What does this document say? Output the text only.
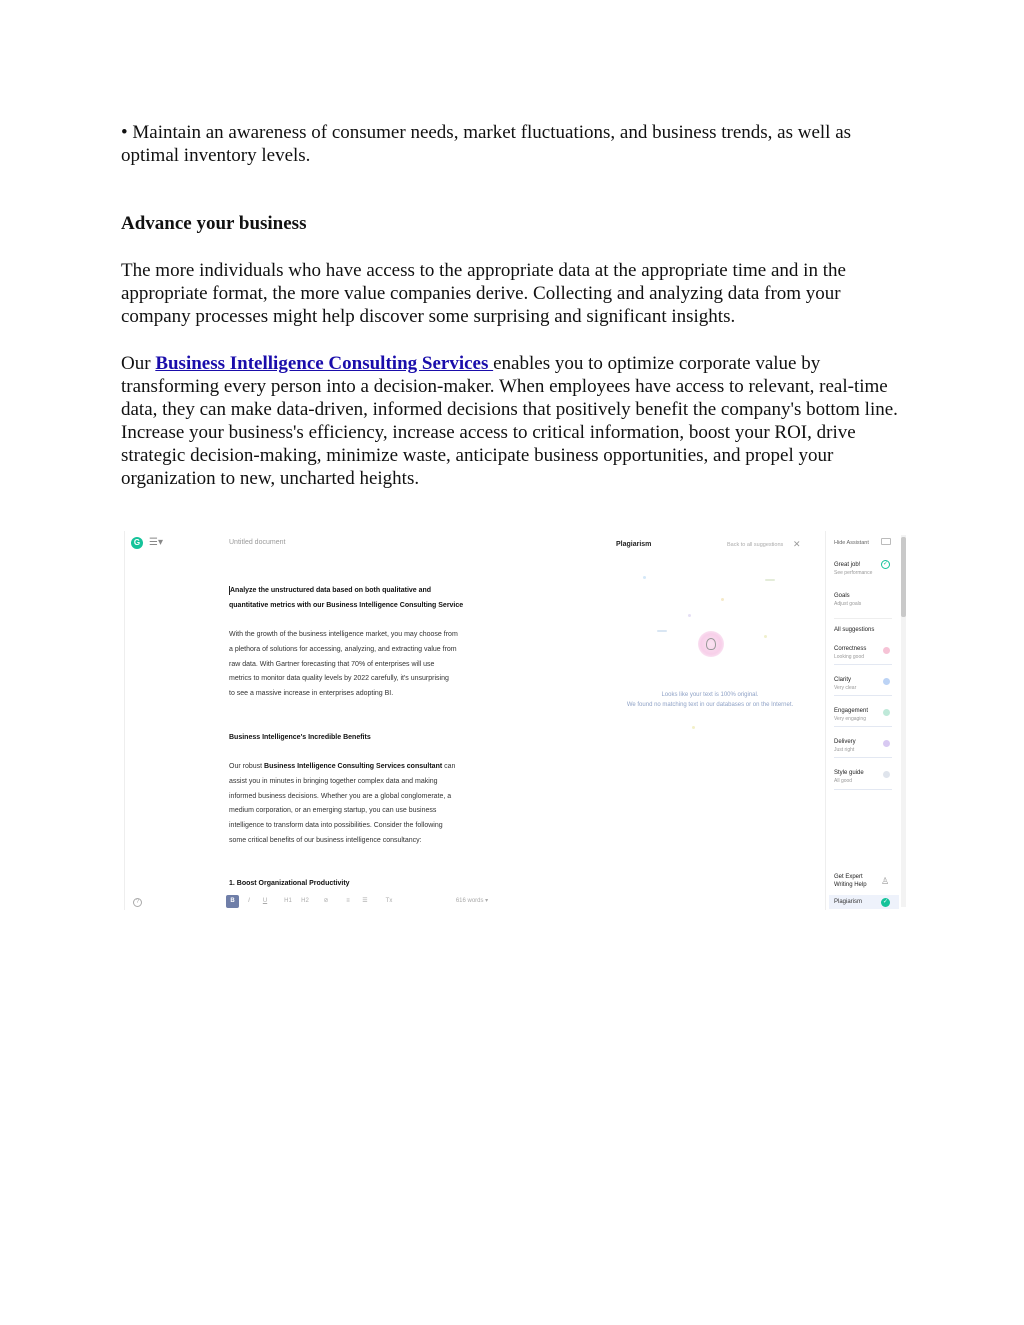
• Maintain an awareness of consumer needs, market fluctuations, and business trends, as well as optimal inventory levels.

Advance your business

The more individuals who have access to the appropriate data at the appropriate time and in the appropriate format, the more value companies derive. Collecting and analyzing data from your company processes might help discover some surprising and significant insights.

Our Business Intelligence Consulting Services enables you to optimize corporate value by transforming every person into a decision-maker. When employees have access to relevant, real-time data, they can make data-driven, informed decisions that positively benefit the company's bottom line. Increase your business's efficiency, increase access to critical information, boost your ROI, drive strategic decision-making, minimize waste, anticipate business opportunities, and propel your organization to new, uncharted heights.

G ☰▾	Untitled document
Analyze the unstructured data based on both qualitative and
quantitative metrics with our Business Intelligence Consulting Service
With the growth of the business intelligence market, you may choose from
a plethora of solutions for accessing, analyzing, and extracting value from
raw data. With Gartner forecasting that 70% of enterprises will use
metrics to monitor data quality levels by 2022 carefully, it's unsurprising
to see a massive increase in enterprises adopting BI.
Business Intelligence's Incredible Benefits
Our robust Business Intelligence Consulting Services consultant can
assist you in minutes in bringing together complex data and making
informed business decisions. Whether you are a global conglomerate, a
medium corporation, or an emerging startup, you can use business
intelligence to transform data into possibilities. Consider the following
some critical benefits of our business intelligence consultancy:
1. Boost Organizational Productivity
?	B	I	U	H1 H2 ⊘	≡	☰	Tx	616 words ▾
Plagiarism	Back to all suggestions ✕
Looks like your text is 100% original.
We found no matching text in our databases or on the Internet.
Hide Assistant
Great job!
See performance
✓
Goals
Adjust goals
All suggestions
Correctness
Looking good
Clarity
Very clear
Engagement
Very engaging
Delivery
Just right
Style guide
All good
Get Expert
Writing Help	♙
Plagiarism	✓
